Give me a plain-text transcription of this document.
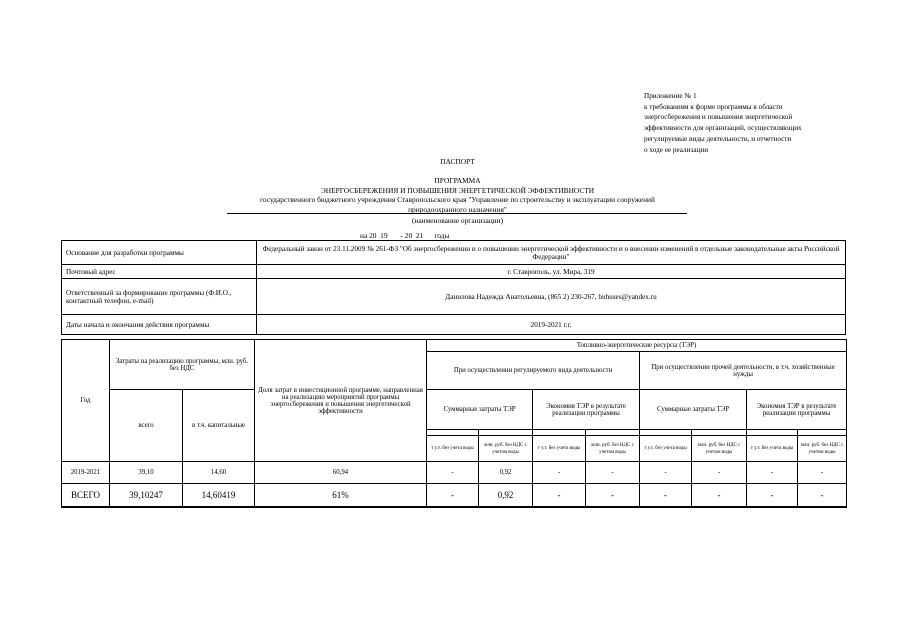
Приложение № 1
к требованиям к форме программы в области
энергосбережения и повышения энергетической
эффективности для организаций, осуществляющих
регулируемые виды деятельности, и отчетности
о ходе ее реализации
ПАСПОРТ
ПРОГРАММА
ЭНЕРГОСБЕРЕЖЕНИЯ И ПОВЫШЕНИЯ ЭНЕРГЕТИЧЕСКОЙ ЭФФЕКТИВНОСТИ
государственного бюджетного учреждения Ставропольского края "Управление по строительству и эксплуатации сооружений
природоохранного назначения"
(наименование организации)
на 20  19       - 20  21      годы
Основание для разработки программы	Федеральный закон от 23.11.2009 № 261-ФЗ "Об энергосбережении и о повышении энергетической эффективности и о внесении изменений в отдельные законодательные акты Российской Федерации"
Почтовый адрес	г. Ставрополь, ул. Мира, 319
Ответственный за формирование программы (Ф.И.О., контактный телефон, e-mail)	Данилова Надежда Анатольевна, (865 2) 230-267, buhuses@yandex.ru
Даты начала и окончания действия программы	2019-2021 г.г.
Год	Затраты на реализацию программы, млн. руб. без НДС		Доля затрат в инвестиционной программе, направленная на реализацию мероприятий программы энергосбережения и повышения энергетической эффективности	Топливно-энергетические ресурсы (ТЭР)							
				При осуществлении регулируемого вида деятельности				При осуществлении прочей деятельности, в т.ч. хозяйственные нужды			
	всего	в т.ч. капитальные		Суммарные затраты ТЭР		Экономия ТЭР в результате реализации программы		Суммарные затраты ТЭР		Экономия ТЭР в результате реализации программы	

				т у.т. без учета воды	млн. руб. без НДС с учетом воды	т у.т. без учета воды	млн. руб. без НДС с учетом воды	т у.т. без учета воды	млн. руб. без НДС с учетом воды	т у.т. без учета воды	млн. руб. без НДС с учетом воды
2019-2021	39,10	14,60	60,94	-	0,92	-	-	-	-	-	-
ВСЕГО	39,10247	14,60419	61%	-	0,92	-	-	-	-	-	-
